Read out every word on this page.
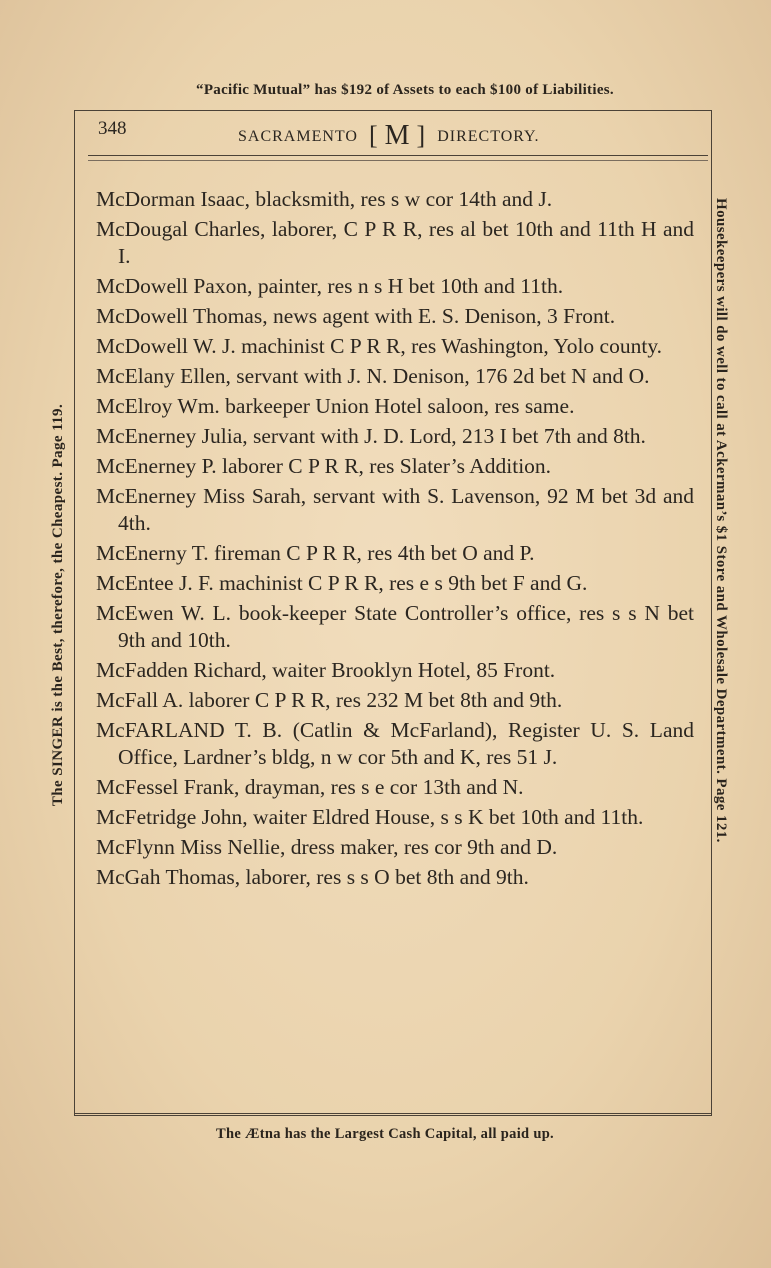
“Pacific Mutual” has $192 of Assets to each $100 of Liabilities.
The SINGER is the Best, therefore, the Cheapest. Page 119.	Housekeepers will do well to call at Ackerman’s $1 Store and Wholesale Department. Page 121.
348	SACRAMENTO [ M ] DIRECTORY.

McDorman Isaac, blacksmith, res s w cor 14th and J.

McDougal Charles, laborer, C P R R, res al bet 10th and 11th H and I.

McDowell Paxon, painter, res n s H bet 10th and 11th.

McDowell Thomas, news agent with E. S. Denison, 3 Front.

McDowell W. J. machinist C P R R, res Washington, Yolo county.

McElany Ellen, servant with J. N. Denison, 176 2d bet N and O.

McElroy Wm. barkeeper Union Hotel saloon, res same.

McEnerney Julia, servant with J. D. Lord, 213 I bet 7th and 8th.

McEnerney P. laborer C P R R, res Slater’s Addition.

McEnerney Miss Sarah, servant with S. Lavenson, 92 M bet 3d and 4th.

McEnerny T. fireman C P R R, res 4th bet O and P.

McEntee J. F. machinist C P R R, res e s 9th bet F and G.

McEwen W. L. book-keeper State Controller’s office, res s s N bet 9th and 10th.

McFadden Richard, waiter Brooklyn Hotel, 85 Front.

McFall A. laborer C P R R, res 232 M bet 8th and 9th.

McFARLAND T. B. (Catlin & McFarland), Register U. S. Land Office, Lardner’s bldg, n w cor 5th and K, res 51 J.

McFessel Frank, drayman, res s e cor 13th and N.

McFetridge John, waiter Eldred House, s s K bet 10th and 11th.

McFlynn Miss Nellie, dress maker, res cor 9th and D.

McGah Thomas, laborer, res s s O bet 8th and 9th.

The Ætna has the Largest Cash Capital, all paid up.
